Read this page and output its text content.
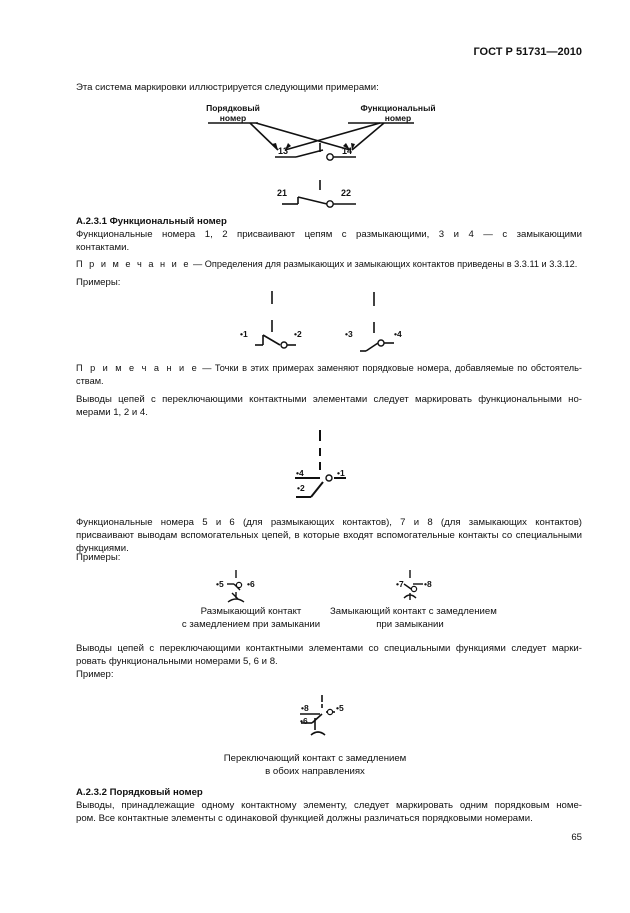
ГОСТ Р 51731—2010
Эта система маркировки иллюстрируется следующими примерами:
Порядковый
номер
Функциональный
номер
13	14
21	22
А.2.3.1 Функциональный номер
Функциональные номера 1, 2 присваивают цепям с размыкающими, 3 и 4 — с замыкающими
контактами.
П р и м е ч а н и е — Определения для размыкающих и замыкающих контактов приведены в 3.3.11 и 3.3.12.
Примеры:
•1	•2	•3	•4
П р и м е ч а н и е — Точки в этих примерах заменяют порядковые номера, добавляемые по обстоятель-
ствам.
Выводы цепей с переключающими контактными элементами следует маркировать функциональными но-
мерами 1, 2 и 4.
•4	•1
•2
Функциональные номера 5 и 6 (для размыкающих контактов), 7 и 8 (для замыкающих контактов)
присваивают выводам вспомогательных цепей, в которые входят вспомогательные контакты со специальными
функциями.
Примеры:
•5	•6	•7 •8
Размыкающий контакт
с замедлением при замыкании
Замыкающий контакт с замедлением
при замыкании
Выводы цепей с переключающими контактными элементами со специальными функциями следует марки-
ровать функциональными номерами 5, 6 и 8.
Пример:
•8	•5
•6
Переключающий контакт с замедлением
в обоих направлениях
А.2.3.2 Порядковый номер
Выводы, принадлежащие одному контактному элементу, следует маркировать одним порядковым номе-
ром. Все контактные элементы с одинаковой функцией должны различаться порядковыми номерами.
65
